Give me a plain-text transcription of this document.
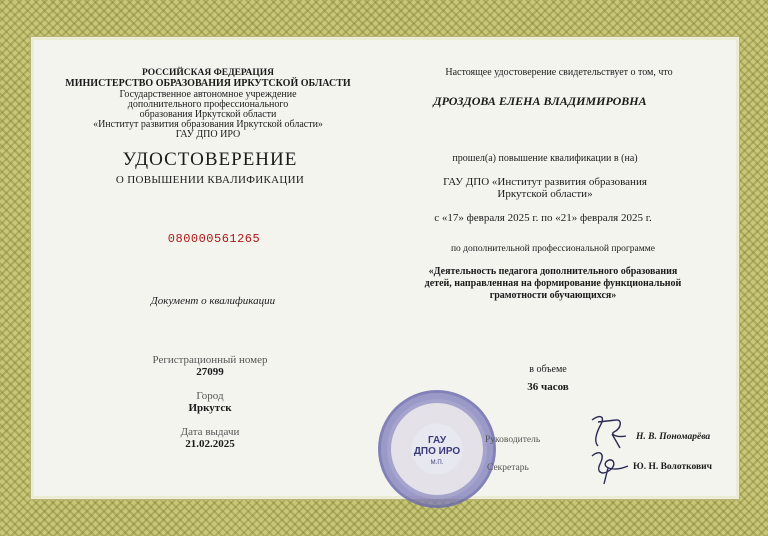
РОССИЙСКАЯ ФЕДЕРАЦИЯ
МИНИСТЕРСТВО ОБРАЗОВАНИЯ ИРКУТСКОЙ ОБЛАСТИ
Государственное автономное учреждение
дополнительного профессионального
образования Иркутской области
«Институт развития образования Иркутской области»
ГАУ ДПО ИРО
УДОСТОВЕРЕНИЕ
О ПОВЫШЕНИИ КВАЛИФИКАЦИИ
080000561265
Документ о квалификации
Регистрационный номер
27099
Город
Иркутск
Дата выдачи
21.02.2025
Настоящее удостоверение свидетельствует о том, что
ДРОЗДОВА ЕЛЕНА ВЛАДИМИРОВНА
прошел(а) повышение квалификации в (на)
ГАУ ДПО «Институт развития образования
Иркутской области»
с «17» февраля 2025 г. по «21» февраля 2025 г.
по дополнительной профессиональной программе
«Деятельность педагога дополнительного образования
детей, направленная на формирование функциональной
грамотности обучающихся»
в объеме
36 часов
ГАУ
ДПО ИРО
М.П.
Руководитель	Н. В. Пономарёва
Секретарь	Ю. Н. Волоткович
